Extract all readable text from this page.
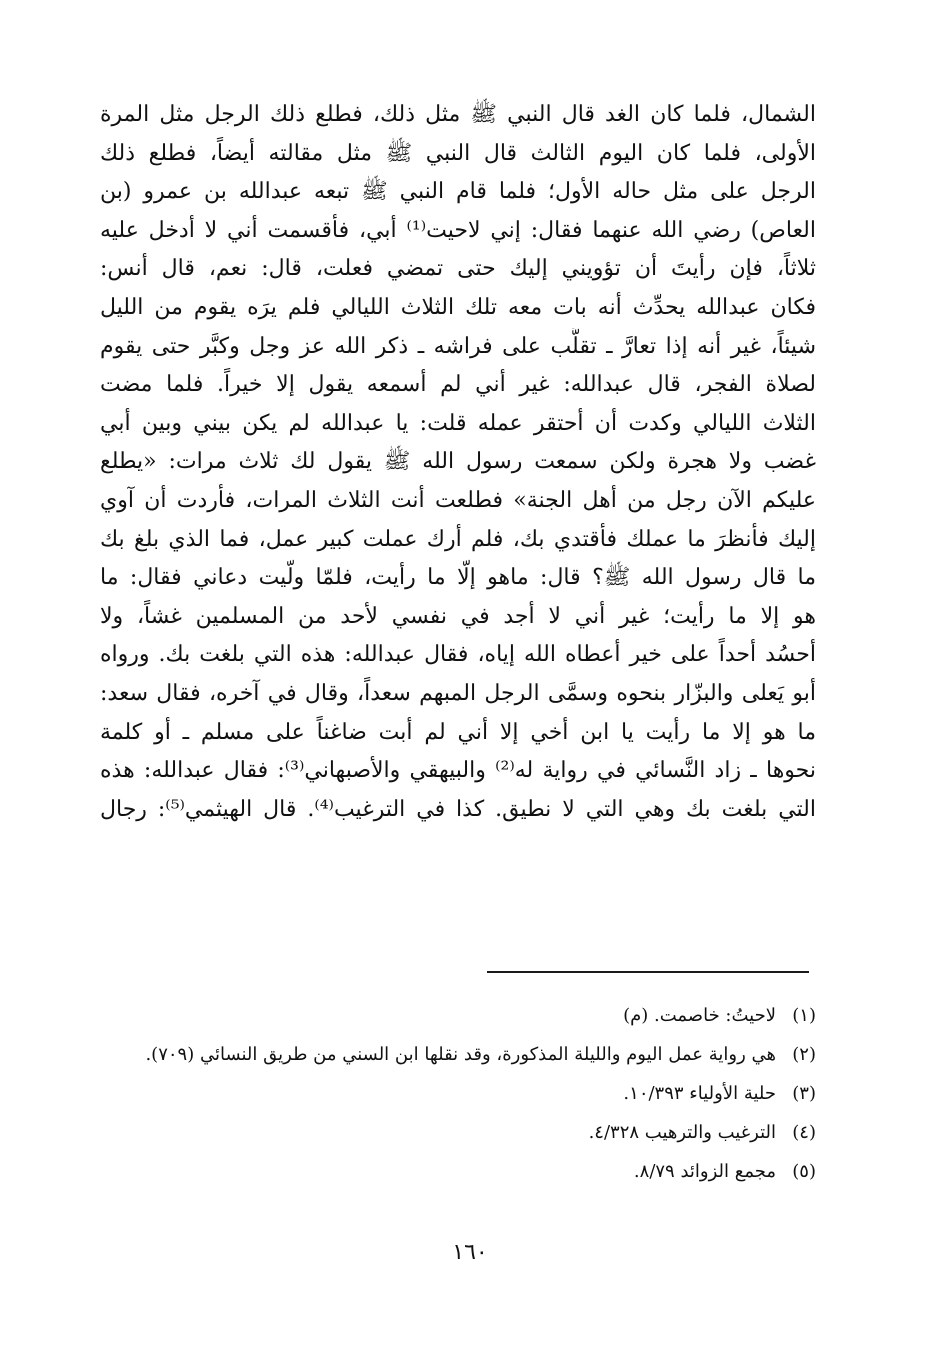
الشمال، فلما كان الغد قال النبي ﷺ مثل ذلك، فطلع ذلك الرجل مثل المرة
الأولى، فلما كان اليوم الثالث قال النبي ﷺ مثل مقالته أيضاً، فطلع ذلك
الرجل على مثل حاله الأول؛ فلما قام النبي ﷺ تبعه عبدالله بن عمرو (بن
العاص) رضي الله عنهما فقال: إني لاحيت⁽¹⁾ أبي، فأقسمت أني لا أدخل عليه
ثلاثاً، فإن رأيتَ أن تؤويني إليك حتى تمضي فعلت، قال: نعم، قال أنس:
فكان عبدالله يحدِّث أنه بات معه تلك الثلاث الليالي فلم يرَه يقوم من الليل
شيئاً، غير أنه إذا تعارَّ ـ تقلَّب على فراشه ـ ذكر الله عز وجل وكبَّر حتى يقوم
لصلاة الفجر، قال عبدالله: غير أني لم أسمعه يقول إلا خيراً. فلما مضت
الثلاث الليالي وكدت أن أحتقر عمله قلت: يا عبدالله لم يكن بيني وبين أبي
غضب ولا هجرة ولكن سمعت رسول الله ﷺ يقول لك ثلاث مرات: «يطلع
عليكم الآن رجل من أهل الجنة» فطلعت أنت الثلاث المرات، فأردت أن آوي
إليك فأنظرَ ما عملك فأقتدي بك، فلم أرك عملت كبير عمل، فما الذي بلغ بك
ما قال رسول الله ﷺ؟ قال: ماهو إلّا ما رأيت، فلمّا ولّيت دعاني فقال: ما
هو إلا ما رأيت؛ غير أني لا أجد في نفسي لأحد من المسلمين غشاً، ولا
أحسُد أحداً على خير أعطاه الله إياه، فقال عبدالله: هذه التي بلغت بك. ورواه
أبو يَعلى والبزّار بنحوه وسمَّى الرجل المبهم سعداً، وقال في آخره، فقال سعد:
ما هو إلا ما رأيت يا ابن أخي إلا أني لم أبت ضاغناً على مسلم ـ أو كلمة
نحوها ـ زاد النَّسائي في رواية له⁽²⁾ والبيهقي والأصبهاني⁽³⁾: فقال عبدالله: هذه
التي بلغت بك وهي التي لا نطيق. كذا في الترغيب⁽⁴⁾. قال الهيثمي⁽⁵⁾: رجال
(١)
لاحيتُ: خاصمت. (م)
(٢)
هي رواية عمل اليوم والليلة المذكورة، وقد نقلها ابن السني من طريق النسائي (٧٠٩).
(٣)
حلية الأولياء ١٠/٣٩٣.
(٤)
الترغيب والترهيب ٤/٣٢٨.
(٥)
مجمع الزوائد ٨/٧٩.
١٦٠
